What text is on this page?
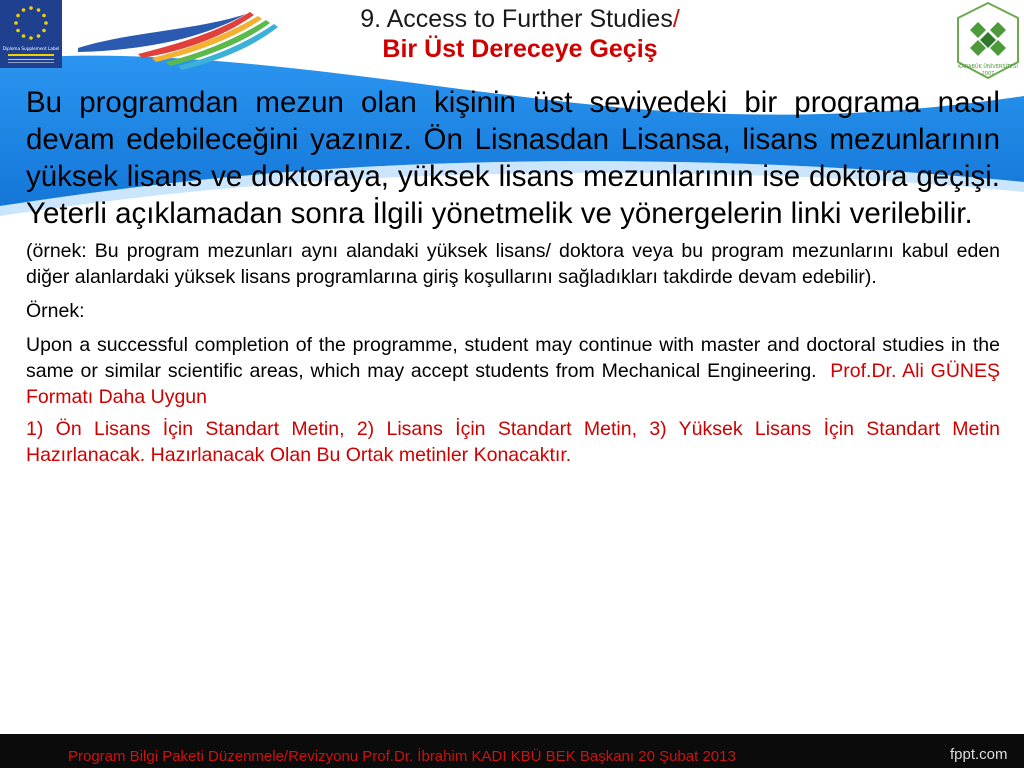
Diploma Supplement Label
KARABÜK ÜNİVERSİTESİ
2007
9. Access to Further Studies/
Bir Üst Dereceye Geçiş

Bu programdan mezun olan kişinin üst seviyedeki bir programa nasıl devam edebileceğini yazınız. Ön Lisnasdan Lisansa, lisans mezunlarının yüksek lisans ve doktoraya, yüksek lisans mezunlarının ise doktora geçişi. Yeterli açıklamadan sonra İlgili yönetmelik ve yönergelerin linki verilebilir.

(örnek: Bu program mezunları aynı alandaki yüksek lisans/ doktora veya bu program mezunlarını kabul eden diğer alanlardaki yüksek lisans programlarına giriş koşullarını sağladıkları takdirde devam edebilir).

Örnek:

Upon a successful completion of the programme, student may continue with master and doctoral studies in the same or similar scientific areas, which may accept students from Mechanical Engineering. Prof.Dr. Ali GÜNEŞ Formatı Daha Uygun

1) Ön Lisans İçin Standart Metin, 2) Lisans İçin Standart Metin, 3) Yüksek Lisans İçin Standart Metin Hazırlanacak. Hazırlanacak Olan Bu Ortak metinler Konacaktır.

Program Bilgi Paketi Düzenmele/Revizyonu Prof.Dr. İbrahim KADI KBÜ BEK Başkanı 20 Şubat 2013	fppt.com
